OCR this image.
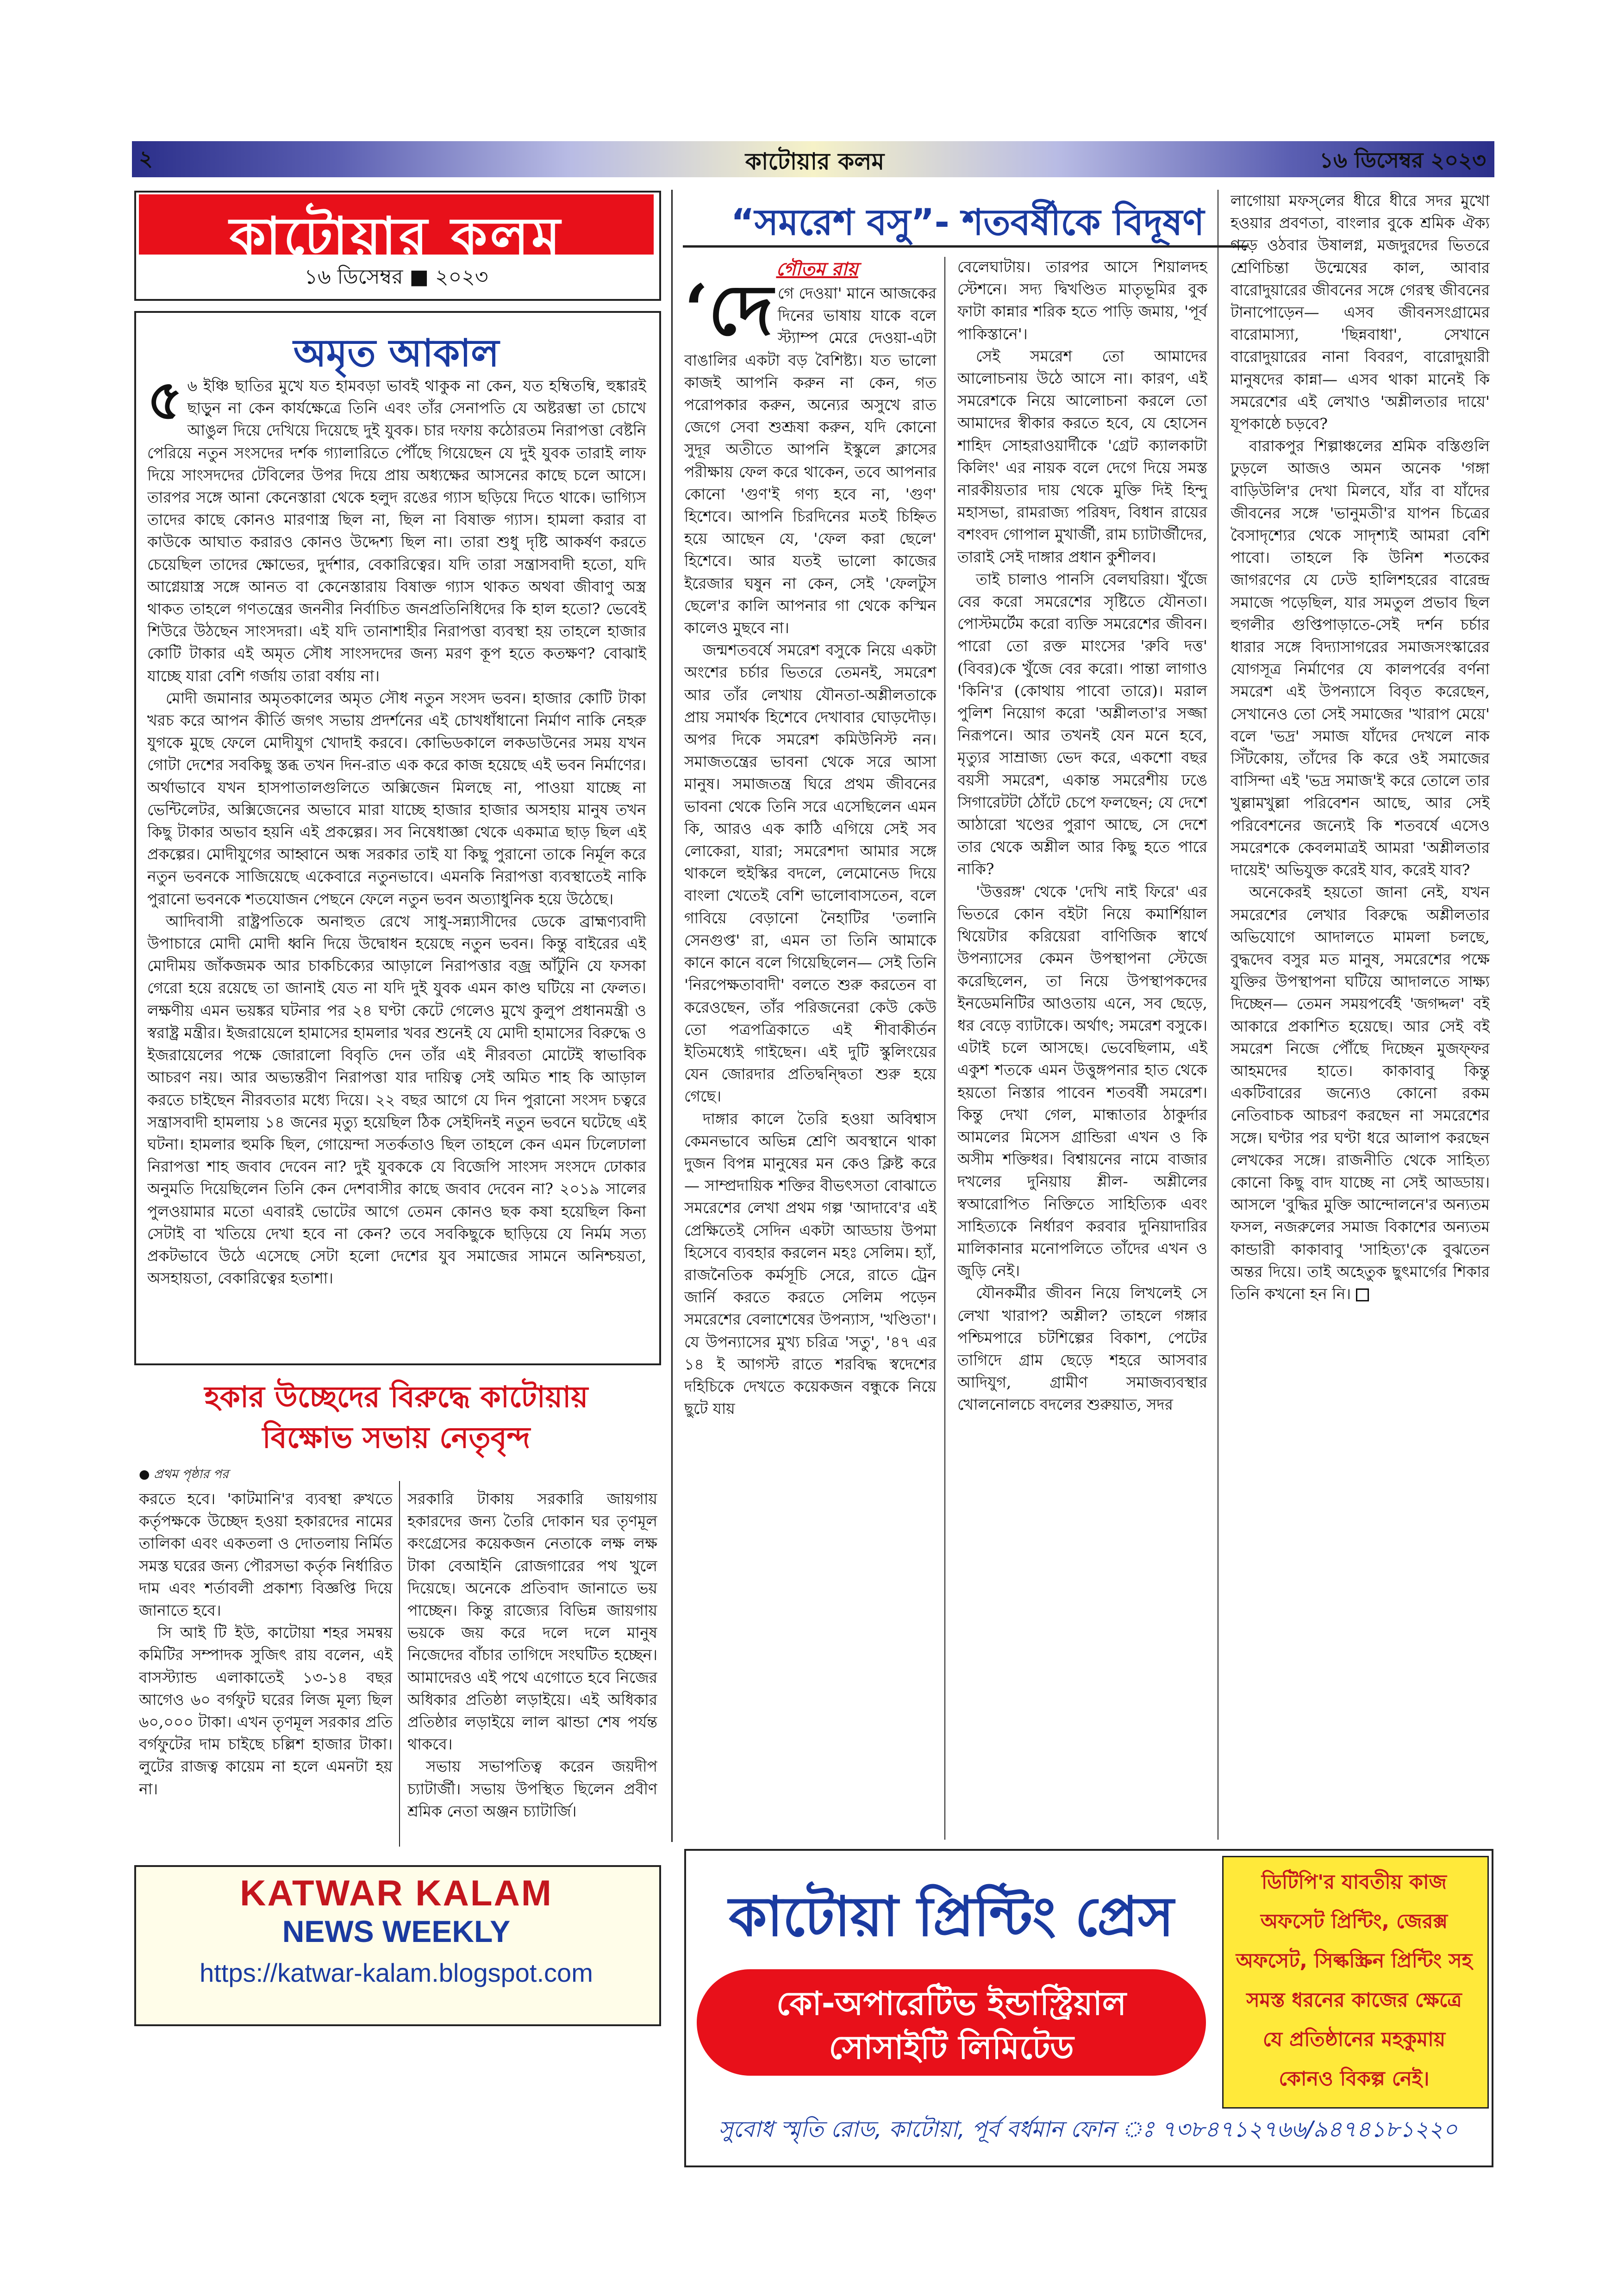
২	কাটোয়ার কলম	১৬ ডিসেম্বর ২০২৩
কাটোয়ার কলম
১৬ ডিসেম্বর ■ ২০২৩
অমৃত আকাল

৫ ৬ ইঞ্চি ছাতির মুখে যত হামবড়া ভাবই থাকুক না কেন, যত হম্বিতম্বি, হুঙ্কারই ছাড়ুন না কেন কার্যক্ষেত্রে তিনি এবং তাঁর সেনাপতি যে অষ্টরম্ভা তা চোখে আঙুল দিয়ে দেখিয়ে দিয়েছে দুই যুবক। চার দফায় কঠোরতম নিরাপত্তা বেষ্টনি পেরিয়ে নতুন সংসদের দর্শক গ্যালারিতে পৌঁছে গিয়েছেন যে দুই যুবক তারাই লাফ দিয়ে সাংসদদের টেবিলের উপর দিয়ে প্রায় অধ্যক্ষের আসনের কাছে চলে আসে। তারপর সঙ্গে আনা কেনেস্তারা থেকে হলুদ রঙের গ্যাস ছড়িয়ে দিতে থাকে। ভাগ্যিস তাদের কাছে কোনও মারণাস্ত্র ছিল না, ছিল না বিষাক্ত গ্যাস। হামলা করার বা কাউকে আঘাত করারও কোনও উদ্দেশ্য ছিল না। তারা শুধু দৃষ্টি আকর্ষণ করতে চেয়েছিল তাদের ক্ষোভের, দুর্দশার, বেকারিত্বের। যদি তারা সন্ত্রাসবাদী হতো, যদি আগ্নেয়াস্ত্র সঙ্গে আনত বা কেনেস্তারায় বিষাক্ত গ্যাস থাকত অথবা জীবাণু অস্ত্র থাকত তাহলে গণতন্ত্রের জননীর নির্বাচিত জনপ্রতিনিধিদের কি হাল হতো? ভেবেই শিউরে উঠছেন সাংসদরা। এই যদি তানাশাহীর নিরাপত্তা ব্যবস্থা হয় তাহলে হাজার কোটি টাকার এই অমৃত সৌধ সাংসদদের জন্য মরণ কূপ হতে কতক্ষণ? বোঝাই যাচ্ছে যারা বেশি গর্জায় তারা বর্ষায় না।

মোদী জমানার অমৃতকালের অমৃত সৌধ নতুন সংসদ ভবন। হাজার কোটি টাকা খরচ করে আপন কীর্তি জগৎ সভায় প্রদর্শনের এই চোখধাঁধানো নির্মাণ নাকি নেহরু যুগকে মুছে ফেলে মোদীযুগ খোদাই করবে। কোভিডকালে লকডাউনের সময় যখন গোটা দেশের সবকিছু স্তব্ধ তখন দিন-রাত এক করে কাজ হয়েছে এই ভবন নির্মাণের। অর্থাভাবে যখন হাসপাতালগুলিতে অক্সিজেন মিলছে না, পাওয়া যাচ্ছে না ভেন্টিলেটর, অক্সিজেনের অভাবে মারা যাচ্ছে হাজার হাজার অসহায় মানুষ তখন কিছু টাকার অভাব হয়নি এই প্রকল্পের। সব নিষেধাজ্ঞা থেকে একমাত্র ছাড় ছিল এই প্রকল্পের। মোদীযুগের আহ্বানে অন্ধ সরকার তাই যা কিছু পুরানো তাকে নির্মূল করে নতুন ভবনকে সাজিয়েছে একেবারে নতুনভাবে। এমনকি নিরাপত্তা ব্যবস্থাতেই নাকি পুরানো ভবনকে শতযোজন পেছনে ফেলে নতুন ভবন অত্যাধুনিক হয়ে উঠেছে।

আদিবাসী রাষ্ট্রপতিকে অনাহুত রেখে সাধু-সন্ন্যাসীদের ডেকে ব্রাহ্মণ্যবাদী উপাচারে মোদী মোদী ধ্বনি দিয়ে উদ্বোধন হয়েছে নতুন ভবন। কিন্তু বাইরের এই মোদীময় জাঁকজমক আর চাকচিক্যের আড়ালে নিরাপত্তার বজ্র আঁটুনি যে ফসকা গেরো হয়ে রয়েছে তা জানাই যেত না যদি দুই যুবক এমন কাণ্ড ঘটিয়ে না ফেলত। লক্ষণীয় এমন ভয়ঙ্কর ঘটনার পর ২৪ ঘণ্টা কেটে গেলেও মুখে কুলুপ প্রধানমন্ত্রী ও স্বরাষ্ট্র মন্ত্রীর। ইজরায়েলে হামাসের হামলার খবর শুনেই যে মোদী হামাসের বিরুদ্ধে ও ইজরায়েলের পক্ষে জোরালো বিবৃতি দেন তাঁর এই নীরবতা মোটেই স্বাভাবিক আচরণ নয়। আর অভ্যন্তরীণ নিরাপত্তা যার দায়িত্ব সেই অমিত শাহ কি আড়াল করতে চাইছেন নীরবতার মধ্যে দিয়ে। ২২ বছর আগে যে দিন পুরানো সংসদ চত্বরে সন্ত্রাসবাদী হামলায় ১৪ জনের মৃত্যু হয়েছিল ঠিক সেইদিনই নতুন ভবনে ঘটেছে এই ঘটনা। হামলার হুমকি ছিল, গোয়েন্দা সতর্কতাও ছিল তাহলে কেন এমন ঢিলেঢালা নিরাপত্তা শাহ জবাব দেবেন না? দুই যুবককে যে বিজেপি সাংসদ সংসদে ঢোকার অনুমতি দিয়েছিলেন তিনি কেন দেশবাসীর কাছে জবাব দেবেন না? ২০১৯ সালের পুলওয়ামার মতো এবারই ভোটের আগে তেমন কোনও ছক কষা হয়েছিল কিনা সেটাই বা খতিয়ে দেখা হবে না কেন? তবে সবকিছুকে ছাড়িয়ে যে নির্মম সত্য প্রকটভাবে উঠে এসেছে সেটা হলো দেশের যুব সমাজের সামনে অনিশ্চয়তা, অসহায়তা, বেকারিত্বের হতাশা।

হকার উচ্ছেদের বিরুদ্ধে কাটোয়ায়
বিক্ষোভ সভায় নেতৃবৃন্দ
● প্রথম পৃষ্ঠার পর

করতে হবে। 'কাটমানি'র ব্যবস্থা রুখতে কর্তৃপক্ষকে উচ্ছেদ হওয়া হকারদের নামের তালিকা এবং একতলা ও দোতলায় নির্মিত সমস্ত ঘরের জন্য পৌরসভা কর্তৃক নির্ধারিত দাম এবং শর্তাবলী প্রকাশ্য বিজ্ঞপ্তি দিয়ে জানাতে হবে।

সি আই টি ইউ, কাটোয়া শহর সমন্বয় কমিটির সম্পাদক সুজিৎ রায় বলেন, এই বাসস্ট্যান্ড এলাকাতেই ১৩-১৪ বছর আগেও ৬০ বর্গফুট ঘরের লিজ মূল্য ছিল ৬০,০০০ টাকা। এখন তৃণমূল সরকার প্রতি বর্গফুটের দাম চাইছে চল্লিশ হাজার টাকা। লুটের রাজত্ব কায়েম না হলে এমনটা হয় না।

সরকারি টাকায় সরকারি জায়গায় হকারদের জন্য তৈরি দোকান ঘর তৃণমূল কংগ্রেসের কয়েকজন নেতাকে লক্ষ লক্ষ টাকা বেআইনি রোজগারের পথ খুলে দিয়েছে। অনেকে প্রতিবাদ জানাতে ভয় পাচ্ছেন। কিন্তু রাজ্যের বিভিন্ন জায়গায় ভয়কে জয় করে দলে দলে মানুষ নিজেদের বাঁচার তাগিদে সংঘটিত হচ্ছেন। আমাদেরও এই পথে এগোতে হবে নিজের অধিকার প্রতিষ্ঠা লড়াইয়ে। এই অধিকার প্রতিষ্ঠার লড়াইয়ে লাল ঝান্ডা শেষ পর্যন্ত থাকবে।

সভায় সভাপতিত্ব করেন জয়দীপ চ্যাটার্জী। সভায় উপস্থিত ছিলেন প্রবীণ শ্রমিক নেতা অঞ্জন চ্যাটার্জি।

KATWAR KALAM
NEWS WEEKLY
https://katwar-kalam.blogspot.com
“সমরেশ বসু”- শতবর্ষীকে বিদূষণ
গৌতম রায়

‘দেগে দেওয়া' মানে আজকের দিনের ভাষায় যাকে বলে স্ট্যাম্প মেরে দেওয়া-এটা বাঙালির একটা বড় বৈশিষ্ট্য। যত ভালো কাজই আপনি করুন না কেন, গত পরোপকার করুন, অন্যের অসুখে রাত জেগে সেবা শুশ্রূষা করুন, যদি কোনো সুদূর অতীতে আপনি ইস্কুলে ক্লাসের পরীক্ষায় ফেল করে থাকেন, তবে আপনার কোনো 'গুণ'ই গণ্য হবে না, 'গুণ' হিশেবে। আপনি চিরদিনের মতই চিহ্নিত হয়ে আছেন যে, 'ফেল করা ছেলে' হিশেবে। আর যতই ভালো কাজের ইরেজার ঘষুন না কেন, সেই 'ফেলটুস ছেলে'র কালি আপনার গা থেকে কস্মিন কালেও মুছবে না।

জন্মশতবর্ষে সমরেশ বসুকে নিয়ে একটা অংশের চর্চার ভিতরে তেমনই, সমরেশ আর তাঁর লেখায় যৌনতা-অশ্লীলতাকে প্রায় সমার্থক হিশেবে দেখাবার ঘোড়দৌড়। অপর দিকে সমরেশ কমিউনিস্ট নন। সমাজতন্ত্রের ভাবনা থেকে সরে আসা মানুষ। সমাজতন্ত্র ঘিরে প্রথম জীবনের ভাবনা থেকে তিনি সরে এসেছিলেন এমন কি, আরও এক কাঠি এগিয়ে সেই সব লোকেরা, যারা; সমরেশদা আমার সঙ্গে থাকলে হুইস্কির বদলে, লেমোনেড দিয়ে বাংলা খেতেই বেশি ভালোবাসতেন, বলে গাবিয়ে বেড়ানো নৈহাটির 'তলানি সেনগুপ্ত' রা, এমন তা তিনি আমাকে কানে কানে বলে গিয়েছিলেন— সেই তিনি 'নিরপেক্ষতাবাদী' বলতে শুরু করতেন বা করেওছেন, তাঁর পরিজনেরা কেউ কেউ তো পত্রপত্রিকাতে এই শীবাকীর্তন ইতিমধ্যেই গাইছেন। এই দুটি স্কুলিংয়ের যেন জোরদার প্রতিদ্বন্দ্বিতা শুরু হয়ে গেছে।

দাঙ্গার কালে তৈরি হওয়া অবিশ্বাস কেমনভাবে অভিন্ন শ্রেণি অবস্থানে থাকা দুজন বিপন্ন মানুষের মন কেও ক্লিষ্ট করে — সাম্প্রদায়িক শক্তির বীভৎসতা বোঝাতে সমরেশের লেখা প্রথম গল্প 'আদাবে'র এই প্রেক্ষিতেই সেদিন একটা আড্ডায় উপমা হিসেবে ব্যবহার করলেন মহঃ সেলিম। হ্যাঁ, রাজনৈতিক কর্মসূচি সেরে, রাতে ট্রেন জার্নি করতে করতে সেলিম পড়েন সমরেশের বেলাশেষের উপন্যাস, 'খণ্ডিতা'। যে উপন্যাসের মুখ্য চরিত্র 'সতু', '৪৭ এর ১৪ ই আগস্ট রাতে শরবিদ্ধ স্বদেশের দহিচিকে দেখতে কয়েকজন বন্ধুকে নিয়ে ছুটে যায়

বেলেঘাটায়। তারপর আসে শিয়ালদহ স্টেশনে। সদ্য দ্বিখণ্ডিত মাতৃভূমির বুক ফাটা কান্নার শরিক হতে পাড়ি জমায়, 'পূর্ব পাকিস্তানে'।

সেই সমরেশ তো আমাদের আলোচনায় উঠে আসে না। কারণ, এই সমরেশকে নিয়ে আলোচনা করলে তো আমাদের স্বীকার করতে হবে, যে হোসেন শাহিদ সোহরাওয়ার্দীকে 'গ্রেট ক্যালকাটা কিলিং' এর নায়ক বলে দেগে দিয়ে সমস্ত নারকীয়তার দায় থেকে মুক্তি দিই হিন্দু মহাসভা, রামরাজ্য পরিষদ, বিধান রায়ের বশংবদ গোপাল মুখার্জী, রাম চ্যাটার্জীদের, তারাই সেই দাঙ্গার প্রধান কুশীলব।

তাই চালাও পানসি বেলঘরিয়া। খুঁজে বের করো সমরেশের সৃষ্টিতে যৌনতা। পোস্টমর্টেম করো ব্যক্তি সমরেশের জীবন। পারো তো রক্ত মাংসের 'রুবি দত্ত' (বিবর)কে খুঁজে বের করো। পান্তা লাগাও 'কিনি'র (কোথায় পাবো তারে)। মরাল পুলিশ নিয়োগ করো 'অশ্লীলতা'র সজ্জা নিরূপনে। আর তখনই যেন মনে হবে, মৃত্যুর সাম্রাজ্য ভেদ করে, একশো বছর বয়সী সমরেশ, একান্ত সমরেশীয় ঢঙে সিগারেটটা ঠোঁটে চেপে ফলছেন; যে দেশে আঠারো খণ্ডের পুরাণ আছে, সে দেশে তার থেকে অশ্লীল আর কিছু হতে পারে নাকি?

'উত্তরঙ্গ' থেকে 'দেখি নাই ফিরে' এর ভিতরে কোন বইটা নিয়ে কমার্শিয়াল থিয়েটার করিয়েরা বাণিজিক স্বার্থে উপন্যাসের কেমন উপস্থাপনা স্টেজে করেছিলেন, তা নিয়ে উপস্থাপকদের ইনডেমনিটির আওতায় এনে, সব ছেড়ে, ধর বেড়ে ব্যাটাকে। অর্থাৎ; সমরেশ বসুকে। এটাই চলে আসছে। ভেবেছিলাম, এই একুশ শতকে এমন উত্তুঙ্গপনার হাত থেকে হয়তো নিস্তার পাবেন শতবর্ষী সমরেশ। কিন্তু দেখা গেল, মান্ধাতার ঠাকুর্দার আমলের মিসেস গ্রান্ডিরা এখন ও কি অসীম শক্তিধর। বিশ্বায়নের নামে বাজার দখলের দুনিয়ায় শ্লীল- অশ্লীলের স্বআরোপিত নিক্তিতে সাহিত্যিক এবং সাহিত্যকে নির্ধারণ করবার দুনিয়াদারির মালিকানার মনোপলিতে তাঁদের এখন ও জুড়ি নেই।

যৌনকর্মীর জীবন নিয়ে লিখলেই সে লেখা খারাপ? অশ্লীল? তাহলে গঙ্গার পশ্চিমপারে চটশিল্পের বিকাশ, পেটের তাগিদে গ্রাম ছেড়ে শহরে আসবার আদিযুগ, গ্রামীণ সমাজব্যবস্থার খোলনোলচে বদলের শুরুয়াত, সদর

লাগোয়া মফস্‌লের ধীরে ধীরে সদর মুখো হওয়ার প্রবণতা, বাংলার বুকে শ্রমিক ঐক্য গড়ে ওঠবার উষালগ্ন, মজদুরদের ভিতরে শ্রেণিচিন্তা উন্মেষের কাল, আবার বারোদুয়ারের জীবনের সঙ্গে গেরস্থ জীবনের টানাপোড়েন— এসব জীবনসংগ্রামের বারোমাস্যা, 'ছিন্নবাধা', সেখানে বারোদুয়ারের নানা বিবরণ, বারোদুয়ারী মানুষদের কান্না— এসব থাকা মানেই কি সমরেশের এই লেখাও 'অশ্লীলতার দায়ে' যূপকাষ্ঠে চড়বে?

বারাকপুর শিল্পাঞ্চলের শ্রমিক বস্তিগুলি ঢুড়লে আজও অমন অনেক 'গঙ্গা বাড়িউলি'র দেখা মিলবে, যাঁর বা যাঁদের জীবনের সঙ্গে 'ভানুমতী'র যাপন চিত্রের বৈসাদৃশ্যের থেকে সাদৃশ্যই আমরা বেশি পাবো। তাহলে কি উনিশ শতকের জাগরণের যে ঢেউ হালিশহরের বারেন্দ্র সমাজে পড়েছিল, যার সমতুল প্রভাব ছিল হুগলীর গুপ্তিপাড়াতে-সেই দর্শন চর্চার ধারার সঙ্গে বিদ্যাসাগরের সমাজসংস্কারের যোগসূত্র নির্মাণের যে কালপর্বের বর্ণনা সমরেশ এই উপন্যাসে বিবৃত করেছেন, সেখানেও তো সেই সমাজের 'খারাপ মেয়ে' বলে 'ভদ্র' সমাজ যাঁদের দেখলে নাক সিঁটকোয়, তাঁদের কি করে ওই সমাজের বাসিন্দা এই 'ভদ্র সমাজ'ই করে তোলে তার খুল্লামখুল্লা পরিবেশন আছে, আর সেই পরিবেশনের জন্যেই কি শতবর্ষে এসেও সমরেশকে কেবলমাত্রই আমরা 'অশ্লীলতার দায়েই' অভিযুক্ত করেই যাব, করেই যাব?

অনেকেরই হয়তো জানা নেই, যখন সমরেশের লেখার বিরুদ্ধে অশ্লীলতার অভিযোগে আদালতে মামলা চলছে, বুদ্ধদেব বসুর মত মানুষ, সমরেশের পক্ষে যুক্তির উপস্থাপনা ঘটিয়ে আদালতে সাক্ষ্য দিচ্ছেন— তেমন সময়পর্বেই 'জগদ্দল' বই আকারে প্রকাশিত হয়েছে। আর সেই বই সমরেশ নিজে পৌঁছে দিচ্ছেন মুজফ্‌ফর আহমদের হাতে। কাকাবাবু কিন্তু একটিবারের জন্যেও কোনো রকম নেতিবাচক আচরণ করছেন না সমরেশের সঙ্গে। ঘণ্টার পর ঘণ্টা ধরে আলাপ করছেন লেখকের সঙ্গে। রাজনীতি থেকে সাহিত্য কোনো কিছু বাদ যাচ্ছে না সেই আড্ডায়। আসলে 'বুদ্ধির মুক্তি আন্দোলনে'র অন্যতম ফসল, নজরুলের সমাজ বিকাশের অন্যতম কান্ডারী কাকাবাবু 'সাহিত্য'কে বুঝতেন অন্তর দিয়ে। তাই অহেতুক ছুৎমার্গের শিকার তিনি কখনো হন নি।

কাটোয়া প্রিন্টিং প্রেস
কো-অপারেটিভ ইন্ডাস্ট্রিয়াল
সোসাইটি লিমিটেড
ডিটিপি'র যাবতীয় কাজ
অফসেট প্রিন্টিং, জেরক্স
অফসেট, সিল্কস্ক্রিন প্রিন্টিং সহ
সমস্ত ধরনের কাজের ক্ষেত্রে
যে প্রতিষ্ঠানের মহকুমায়
কোনও বিকল্প নেই।
সুবোধ স্মৃতি রোড, কাটোয়া, পূর্ব বর্ধমান ফোন ঃ ৭৩৮৪৭১২৭৬৬/৯৪৭৪১৮১২২০
